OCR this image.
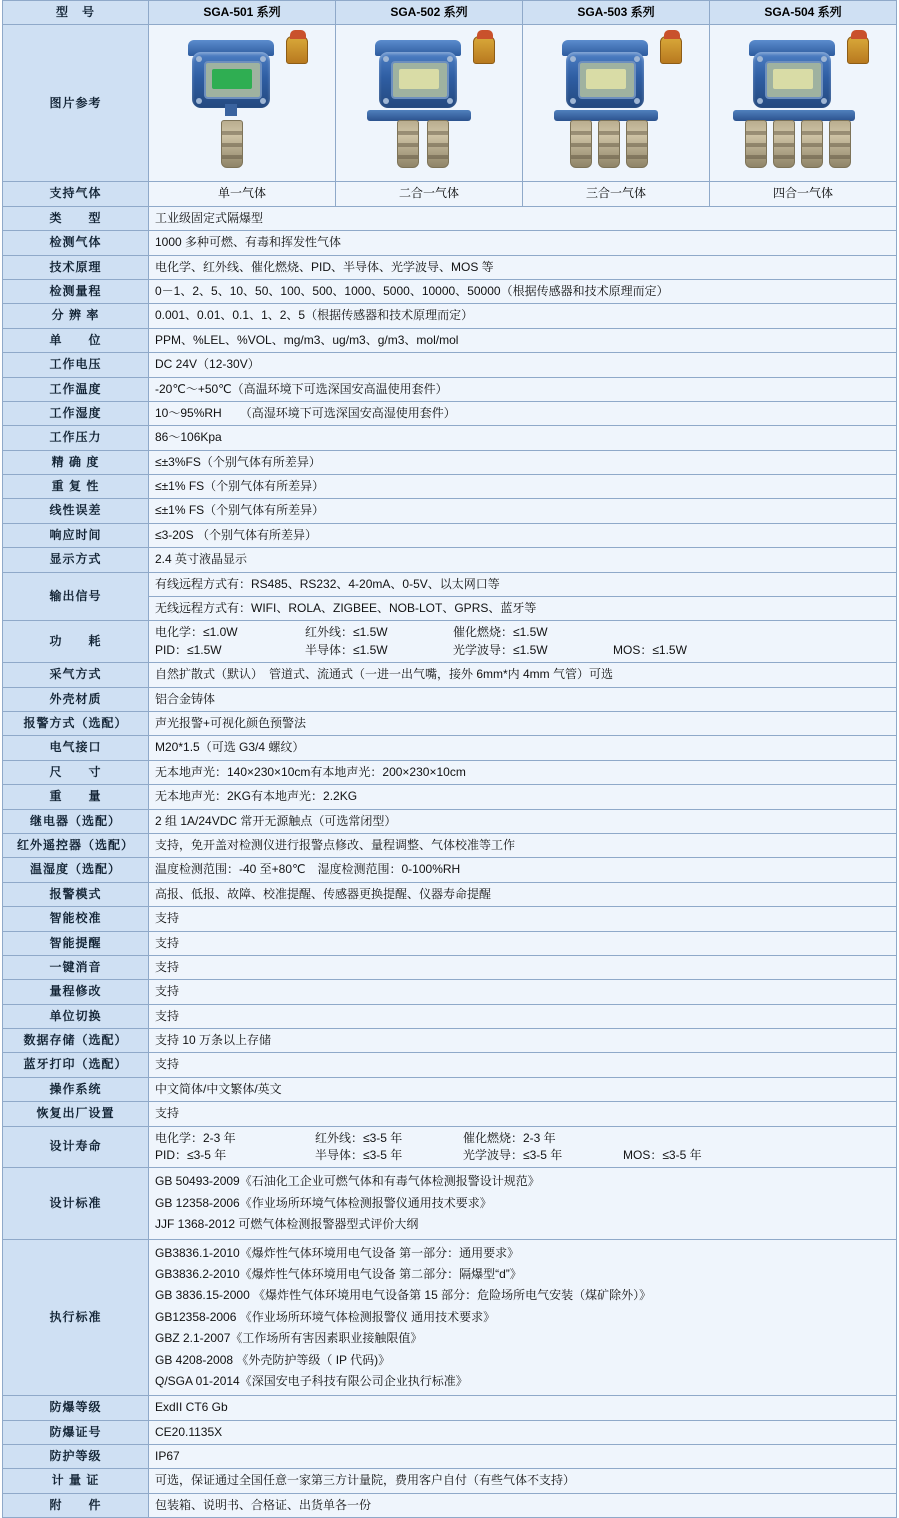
型　号	SGA-501 系列	SGA-502 系列	SGA-503 系列	SGA-504 系列
图片参考	

支持气体	单一气体	二合一气体	三合一气体	四合一气体
类　　型	工业级固定式隔爆型			
检测气体	1000 多种可燃、有毒和挥发性气体			
技术原理	电化学、红外线、催化燃烧、PID、半导体、光学波导、MOS 等			
检测量程	0－1、2、5、10、50、100、500、1000、5000、10000、50000（根据传感器和技术原理而定）			
分 辨 率	0.001、0.01、0.1、1、2、5（根据传感器和技术原理而定）			
单　　位	PPM、%LEL、%VOL、mg/m3、ug/m3、g/m3、mol/mol			
工作电压	DC 24V（12-30V）			
工作温度	-20℃～+50℃（高温环境下可选深国安高温使用套件）			
工作湿度	10～95%RH　　（高湿环境下可选深国安高湿使用套件）			
工作压力	86～106Kpa			
精 确 度	≤±3%FS（个别气体有所差异）			
重 复 性	≤±1% FS（个别气体有所差异）			
线性误差	≤±1% FS（个别气体有所差异）			
响应时间	≤3-20S （个别气体有所差异）			
显示方式	2.4 英寸液晶显示			
输出信号	有线远程方式有：RS485、RS232、4-20mA、0-5V、以太网口等			
	无线远程方式有：WIFI、ROLA、ZIGBEE、NOB-LOT、GPRS、蓝牙等			
功　　耗	电化学：≤1.0W 红外线：≤1.5W 催化燃烧：≤1.5W
PID：≤1.5W 半导体：≤1.5W 光学波导：≤1.5W MOS：≤1.5W			

采气方式	自然扩散式（默认）　管道式、流通式（一进一出气嘴，接外 6mm*内 4mm 气管）可选			
外壳材质	铝合金铸体			
报警方式（选配）	声光报警+可视化颜色预警法			
电气接口	M20*1.5（可选 G3/4 螺纹）			
尺　　寸	无本地声光：140×230×10cm有本地声光：200×230×10cm			
重　　量	无本地声光：2KG有本地声光：2.2KG			
继电器（选配）	2 组 1A/24VDC 常开无源触点（可选常闭型）			
红外遥控器（选配）	支持，免开盖对检测仪进行报警点修改、量程调整、气体校准等工作			
温湿度（选配）	温度检测范围：-40 至+80℃　湿度检测范围：0-100%RH			
报警模式	高报、低报、故障、校准提醒、传感器更换提醒、仪器寿命提醒			
智能校准	支持			
智能提醒	支持			
一键消音	支持			
量程修改	支持			
单位切换	支持			
数据存储（选配）	支持 10 万条以上存储			
蓝牙打印（选配）	支持			
操作系统	中文简体/中文繁体/英文			
恢复出厂设置	支持			
设计寿命	电化学：2-3 年 红外线：≤3-5 年 催化燃烧：2-3 年
PID：≤3-5 年 半导体：≤3-5 年 光学波导：≤3-5 年 MOS：≤3-5 年			

设计标准	GB 50493-2009《石油化工企业可燃气体和有毒气体检测报警设计规范》
GB 12358-2006《作业场所环境气体检测报警仪通用技术要求》
JJF 1368-2012 可燃气体检测报警器型式评价大纲			

执行标准	
GB3836.1-2010《爆炸性气体环境用电气设备 第一部分：通用要求》
GB3836.2-2010《爆炸性气体环境用电气设备 第二部分：隔爆型“d”》
GB 3836.15-2000 《爆炸性气体环境用电气设备第 15 部分：危险场所电气安装（煤矿除外）》
GB12358-2006 《作业场所环境气体检测报警仪 通用技术要求》
GBZ 2.1-2007《工作场所有害因素职业接触限值》
GB 4208-2008 《外壳防护等级（ IP 代码)》
Q/SGA 01-2014《深国安电子科技有限公司企业执行标准》

防爆等级	ExdII CT6 Gb			
防爆证号	CE20.1135X			
防护等级	IP67			
计 量 证	可选，保证通过全国任意一家第三方计量院，费用客户自付（有些气体不支持）			
附　　件	包装箱、说明书、合格证、出货单各一份			
